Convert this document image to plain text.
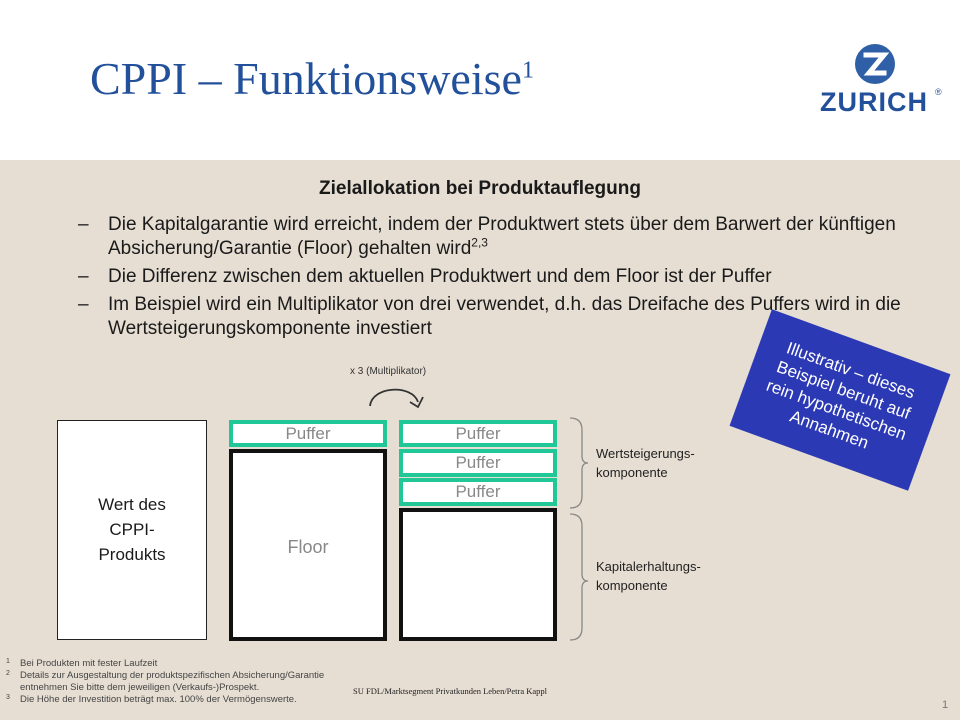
CPPI – Funktionsweise$^1$
ZURICH ®
Zielallokation bei Produktauflegung
– Die Kapitalgarantie wird erreicht, indem der Produktwert stets über dem Barwert der künftigen Absicherung/Garantie (Floor) gehalten wird$^{2,3}$
– Die Differenz zwischen dem aktuellen Produktwert und dem Floor ist der Puffer
– Im Beispiel wird ein Multiplikator von drei verwendet, d.h. das Dreifache des Puffers wird in die Wertsteigerungskomponente investiert
x 3 (Multiplikator)
Wert des
CPPI-
Produkts
Puffer
Floor
Puffer
Puffer
Puffer
Wertsteigerungs-
komponente
Kapitalerhaltungs-
komponente
Illustrativ – dieses Beispiel beruht auf rein hypothetischen Annahmen
1 Bei Produkten mit fester Laufzeit
2 Details zur Ausgestaltung der produktspezifischen Absicherung/Garantie
entnehmen Sie bitte dem jeweiligen (Verkaufs-)Prospekt.
3 Die Höhe der Investition beträgt max. 100% der Vermögenswerte.
SU FDL/Marktsegment Privatkunden Leben/Petra Kappl
1
